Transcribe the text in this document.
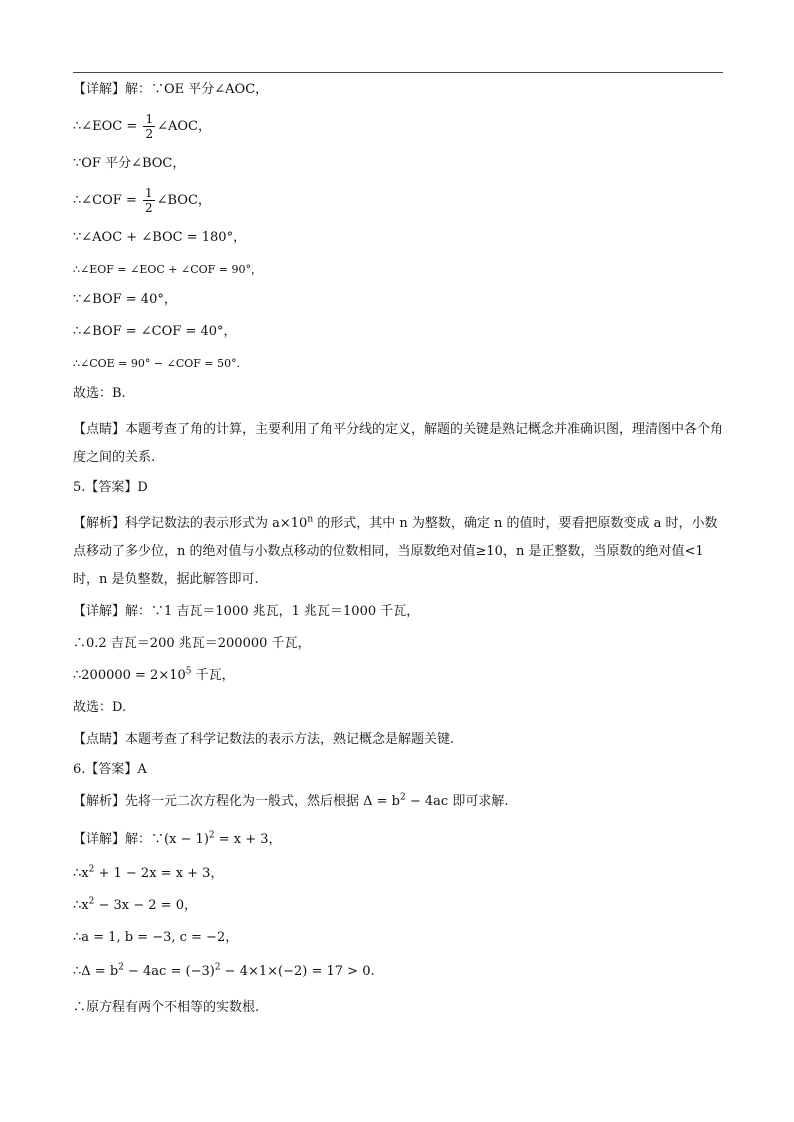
【详解】解：∵OE 平分∠AOC，
∴∠EOC = $\frac{1}{2}$ ∠AOC，
∵OF 平分∠BOC，
∴∠COF = $\frac{1}{2}$ ∠BOC，
∵∠AOC + ∠BOC = 180°，
∴∠EOF = ∠EOC + ∠COF = 90°，
∵∠BOF = 40°，
∴∠BOF = ∠COF = 40°，
∴∠COE = 90° − ∠COF = 50°.
故选：B.
【点睛】本题考查了角的计算，主要利用了角平分线的定义，解题的关键是熟记概念并准确识图，理清图中各个角度之间的关系.
5.【答案】D
【解析】科学记数法的表示形式为 $a\times 10^n$ 的形式，其中 n 为整数，确定 n 的值时，要看把原数变成 a 时，小数点移动了多少位，n 的绝对值与小数点移动的位数相同，当原数绝对值≥10，n 是正整数，当原数的绝对值<1 时，n 是负整数，据此解答即可.
【详解】解：∵1 吉瓦＝1000 兆瓦，1 兆瓦＝1000 千瓦，
∴0.2 吉瓦＝200 兆瓦＝200000 千瓦，
∴200000 = $2\times 10^5$ 千瓦，
故选：D.
【点睛】本题考查了科学记数法的表示方法，熟记概念是解题关键.
6.【答案】A
【解析】先将一元二次方程化为一般式，然后根据 $\Delta = b^2 - 4ac$ 即可求解.
【详解】解：∵(x − 1)$^2$ = x + 3，
$\therefore x^2 + 1 - 2x = x + 3$，
$\therefore x^2 - 3x - 2 = 0$，
∴a = 1, b = −3, c = −2，
∴Δ = $b^2 - 4ac = (-3)^2 - 4\times 1\times(-2) = 17 > 0$.
∴原方程有两个不相等的实数根.
